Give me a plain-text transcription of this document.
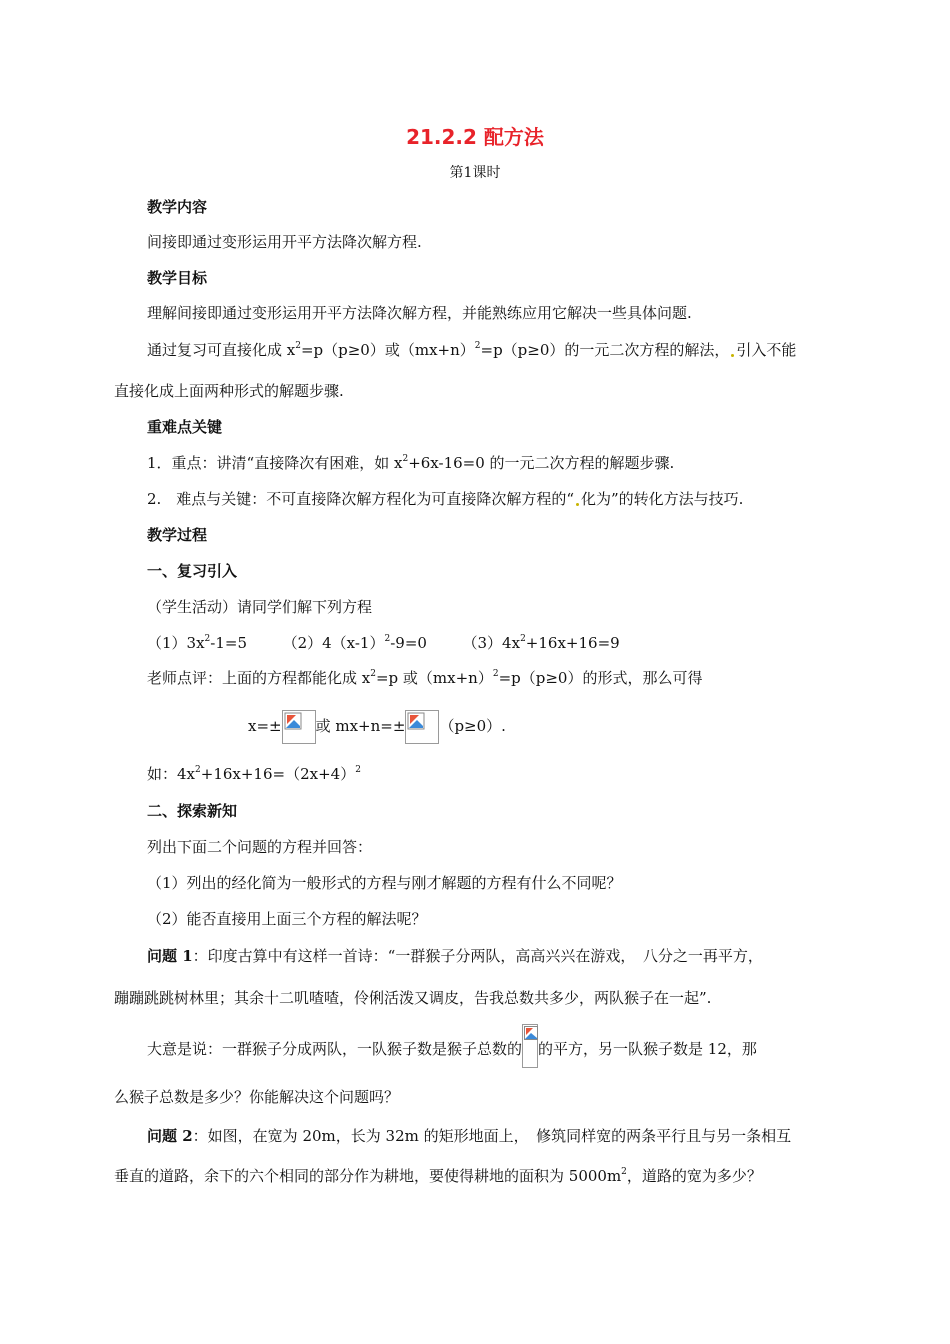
21.2.2 配方法
第1课时
教学内容
间接即通过变形运用开平方法降次解方程.
教学目标
理解间接即通过变形运用开平方法降次解方程，并能熟练应用它解决一些具体问题.
通过复习可直接化成 $x^2=p(p\ge 0)$或$(mx+n)^2=p(p\ge 0)$的一元二次方程的解法， 引入不能
直接化成上面两种形式的解题步骤.
重难点关键
1．重点：讲清“直接降次有困难，如 $x^2+6x-16=0$ 的一元二次方程的解题步骤.
2.　难点与关键：不可直接降次解方程化为可直接降次解方程的“ 化为”的转化方法与技巧.
教学过程
一、复习引入
（学生活动）请同学们解下列方程
$(1)3x^2-1=5$ $(2)4(x-1)^2-9=0$ $(3)4x^2+16x+16=9$
老师点评：上面的方程都能化成 $x^2=p$ 或$(mx+n)^2=p(p\ge 0)$的形式，那么可得
x=± 或 mx+n=± （p≥0）.
如：$4x^2+16x+16=(2x+4)^2$
二、探索新知
列出下面二个问题的方程并回答：
（1）列出的经化简为一般形式的方程与刚才解题的方程有什么不同呢？
（2）能否直接用上面三个方程的解法呢？
问题 1：印度古算中有这样一首诗：“一群猴子分两队，高高兴兴在游戏，　八分之一再平方，
蹦蹦跳跳树林里；其余十二叽喳喳，伶俐活泼又调皮，告我总数共多少，两队猴子在一起”.
大意是说：一群猴子分成两队，一队猴子数是猴子总数的 的平方，另一队猴子数是 12，那
么猴子总数是多少？你能解决这个问题吗？
问题 2：如图，在宽为 20m，长为 32m 的矩形地面上，　修筑同样宽的两条平行且与另一条相互
垂直的道路，余下的六个相同的部分作为耕地，要使得耕地的面积为 $5000m^2$，道路的宽为多少？
